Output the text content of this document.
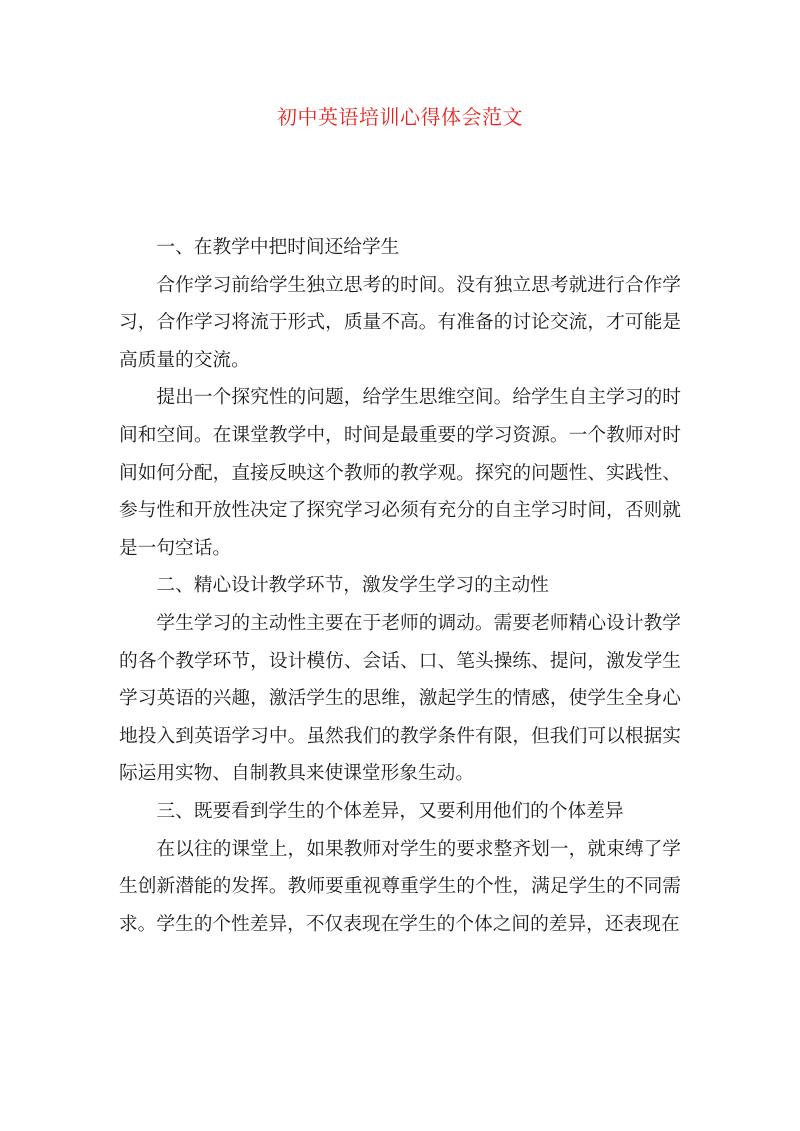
初中英语培训心得体会范文

一、在教学中把时间还给学生

合作学习前给学生独立思考的时间。没有独立思考就进行合作学习，合作学习将流于形式，质量不高。有准备的讨论交流，才可能是高质量的交流。

提出一个探究性的问题，给学生思维空间。给学生自主学习的时间和空间。在课堂教学中，时间是最重要的学习资源。一个教师对时间如何分配，直接反映这个教师的教学观。探究的问题性、实践性、参与性和开放性决定了探究学习必须有充分的自主学习时间，否则就是一句空话。

二、精心设计教学环节，激发学生学习的主动性

学生学习的主动性主要在于老师的调动。需要老师精心设计教学的各个教学环节，设计模仿、会话、口、笔头操练、提问，激发学生学习英语的兴趣，激活学生的思维，激起学生的情感，使学生全身心地投入到英语学习中。虽然我们的教学条件有限，但我们可以根据实际运用实物、自制教具来使课堂形象生动。

三、既要看到学生的个体差异，又要利用他们的个体差异

在以往的课堂上，如果教师对学生的要求整齐划一，就束缚了学生创新潜能的发挥。教师要重视尊重学生的个性，满足学生的不同需求。学生的个性差异，不仅表现在学生的个体之间的差异，还表现在
